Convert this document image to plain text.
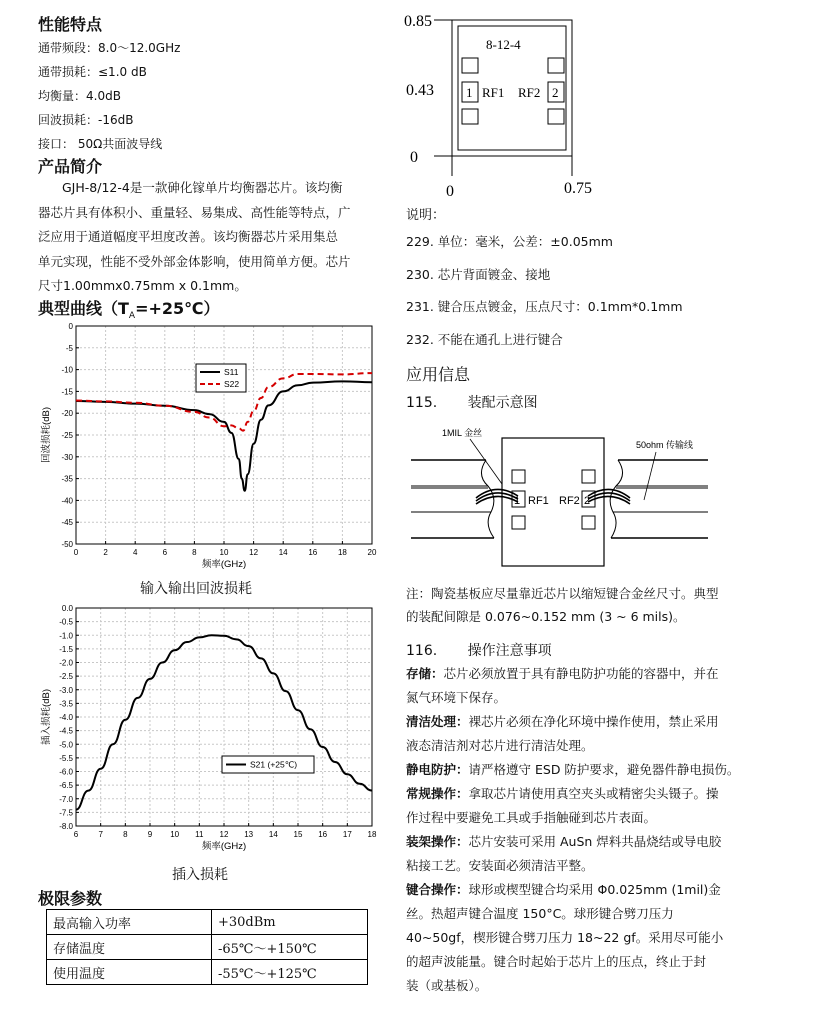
性能特点
通带频段：8.0～12.0GHz
通带损耗：≤1.0 dB
均衡量：4.0dB
回波损耗：-16dB
接口： 50Ω共面波导线
产品简介
GJH-8/12-4是一款砷化镓单片均衡器芯片。该均衡
器芯片具有体积小、重量轻、易集成、高性能等特点，广
泛应用于通道幅度平坦度改善。该均衡器芯片采用集总
单元实现，性能不受外部金体影响，使用简单方便。芯片
尺寸1.00mmx0.75mm x 0.1mm。
典型曲线$(T_A=+25℃)$
0	2	4	6	8	10	12	14	16	18	20
0
-5
-10
-15
-20
-25
-30
-35
-40
-45
-50
频率(GHz)
回波损耗(dB)
S11
S22
输入输出回波损耗
6	7	8	9 10 11 12 13 14 15 16 17 18
0.0
-0.5
-1.0
-1.5
-2.0
-2.5
-3.0
-3.5
-4.0
-4.5
-5.0
-5.5
-6.0
-6.5
-7.0
-7.5
-8.0
频率(GHz)
插入损耗(dB)
S21 (+25℃)
插入损耗
极限参数
最高输入功率	+30dBm
存储温度	-65℃～+150℃
使用温度	-55℃～+125℃
0.85
0.43
0
0	0.75
8-12-4
1	2
RF1 RF2
说明：
229. 单位：毫米，公差：±0.05mm
230. 芯片背面镀金、接地
231. 键合压点镀金，压点尺寸：0.1mm*0.1mm
232. 不能在通孔上进行键合
应用信息
115. 装配示意图
1	2
RF1 RF2
1MIL 金丝
50ohm 传输线
注：陶瓷基板应尽量靠近芯片以缩短键合金丝尺寸。典型
的装配间隙是 0.076~0.152 mm (3 ~ 6 mils)。
116. 操作注意事项

存储：芯片必须放置于具有静电防护功能的容器中，并在

氮气环境下保存。

清洁处理：裸芯片必须在净化环境中操作使用，禁止采用

液态清洁剂对芯片进行清洁处理。

静电防护：请严格遵守 ESD 防护要求，避免器件静电损伤。

常规操作：拿取芯片请使用真空夹头或精密尖头镊子。操

作过程中要避免工具或手指触碰到芯片表面。

装架操作：芯片安装可采用 AuSn 焊料共晶烧结或导电胶

粘接工艺。安装面必须清洁平整。

键合操作：球形或楔型键合均采用 Φ0.025mm (1mil)金

丝。热超声键合温度 150°C。球形键合劈刀压力

40~50gf，楔形键合劈刀压力 18~22 gf。采用尽可能小

的超声波能量。键合时起始于芯片上的压点，终止于封

装（或基板）。
